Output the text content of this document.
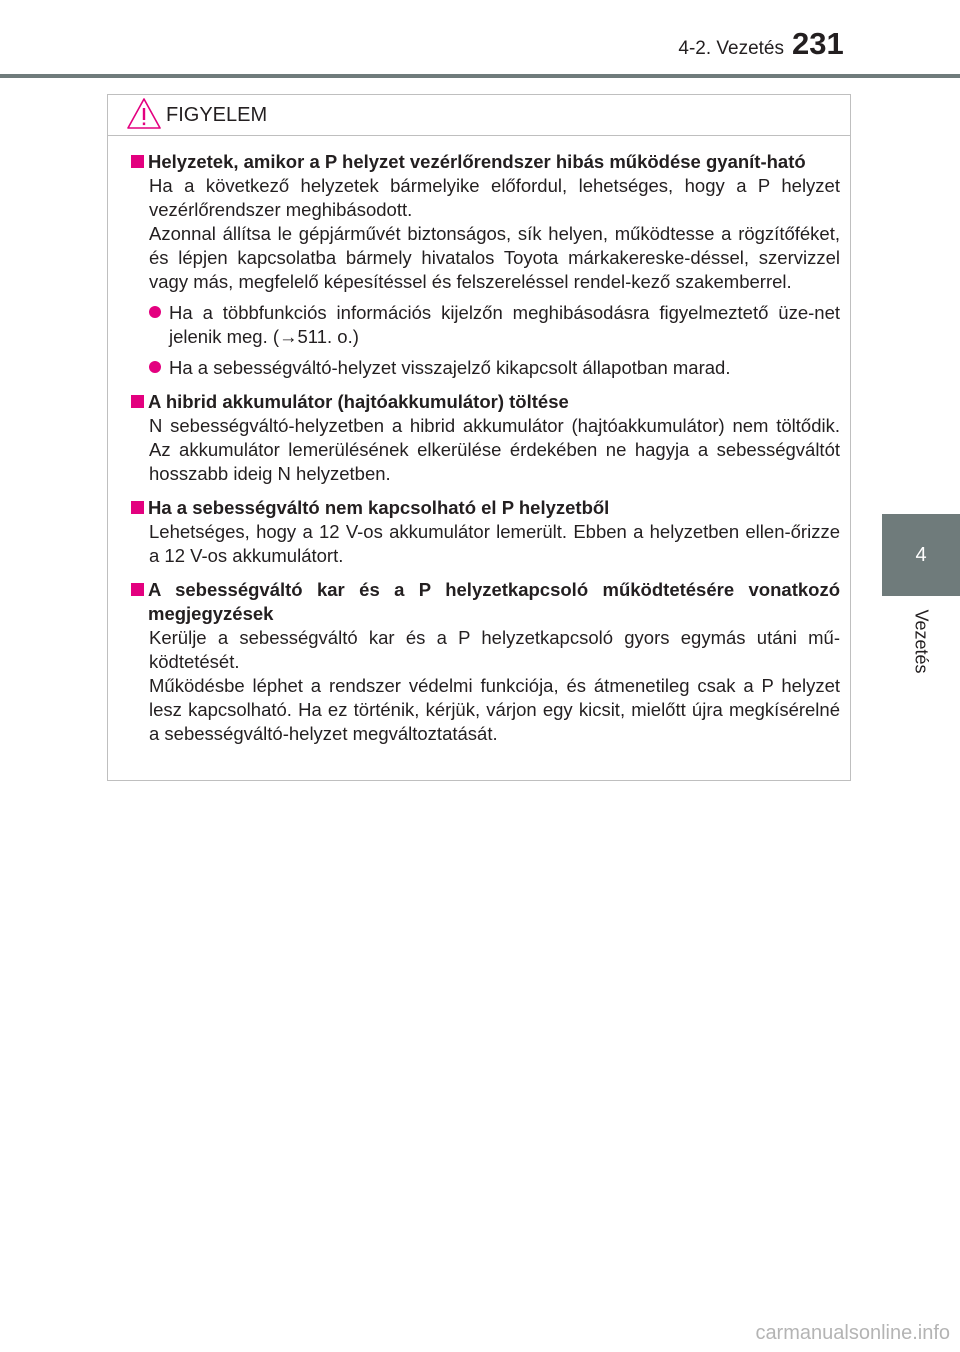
4-2. Vezetés 231
4
Vezetés
FIGYELEM
Helyzetek, amikor a P helyzet vezérlőrendszer hibás működése gyanít-ható
Ha a következő helyzetek bármelyike előfordul, lehetséges, hogy a P helyzet vezérlőrendszer meghibásodott.
Azonnal állítsa le gépjárművét biztonságos, sík helyen, működtesse a rögzítőféket, és lépjen kapcsolatba bármely hivatalos Toyota márkakereske-déssel, szervizzel vagy más, megfelelő képesítéssel és felszereléssel rendel-kező szakemberrel.
Ha a többfunkciós információs kijelzőn meghibásodásra figyelmeztető üze-net jelenik meg. (→511. o.)
Ha a sebességváltó-helyzet visszajelző kikapcsolt állapotban marad.
A hibrid akkumulátor (hajtóakkumulátor) töltése
N sebességváltó-helyzetben a hibrid akkumulátor (hajtóakkumulátor) nem töltődik. Az akkumulátor lemerülésének elkerülése érdekében ne hagyja a sebességváltót hosszabb ideig N helyzetben.
Ha a sebességváltó nem kapcsolható el P helyzetből
Lehetséges, hogy a 12 V-os akkumulátor lemerült. Ebben a helyzetben ellen-őrizze a 12 V-os akkumulátort.
A sebességváltó kar és a P helyzetkapcsoló működtetésére vonatkozó megjegyzések
Kerülje a sebességváltó kar és a P helyzetkapcsoló gyors egymás utáni mű-ködtetését.
Működésbe léphet a rendszer védelmi funkciója, és átmenetileg csak a P helyzet lesz kapcsolható. Ha ez történik, kérjük, várjon egy kicsit, mielőtt újra megkísérelné a sebességváltó-helyzet megváltoztatását.
carmanualsonline.info
